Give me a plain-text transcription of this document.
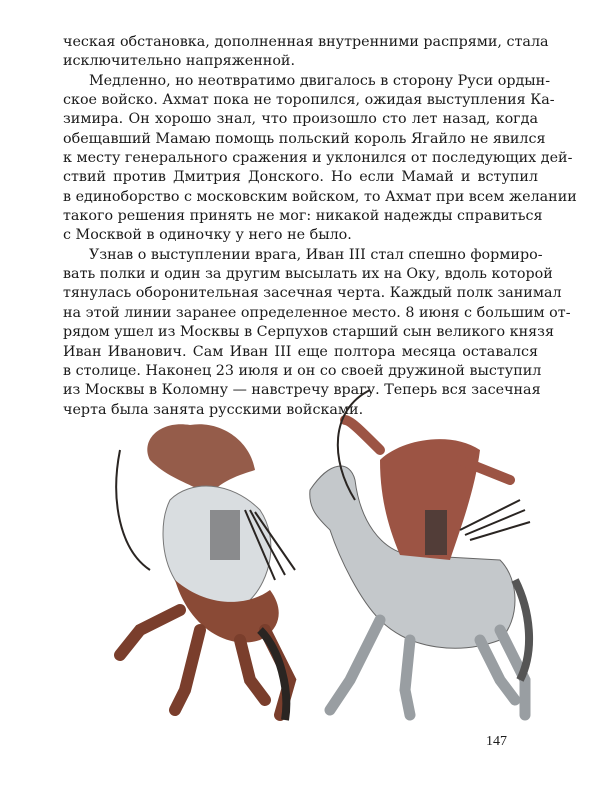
ческая обстановка, дополненная внутренними распрями, стала
исключительно напряженной.
Медленно, но неотвратимо двигалось в сторону Руси ордын-
ское войско. Ахмат пока не торопился, ожидая выступления Ка-
зимира. Он хорошо знал, что произошло сто лет назад, когда
обещавший Мамаю помощь польский король Ягайло не явился
к месту генерального сражения и уклонился от последующих дей-
ствий против Дмитрия Донского. Но если Мамай и вступил
в единоборство с московским войском, то Ахмат при всем желании
такого решения принять не мог: никакой надежды справиться
с Москвой в одиночку у него не было.
Узнав о выступлении врага, Иван III стал спешно формиро-
вать полки и один за другим высылать их на Оку, вдоль которой
тянулась оборонительная засечная черта. Каждый полк занимал
на этой линии заранее определенное место. 8 июня с большим от-
рядом ушел из Москвы в Серпухов старший сын великого князя
Иван Иванович. Сам Иван III еще полтора месяца оставался
в столице. Наконец 23 июля и он со своей дружиной выступил
из Москвы в Коломну — навстречу врагу. Теперь вся засечная
черта была занята русскими войсками.
147
